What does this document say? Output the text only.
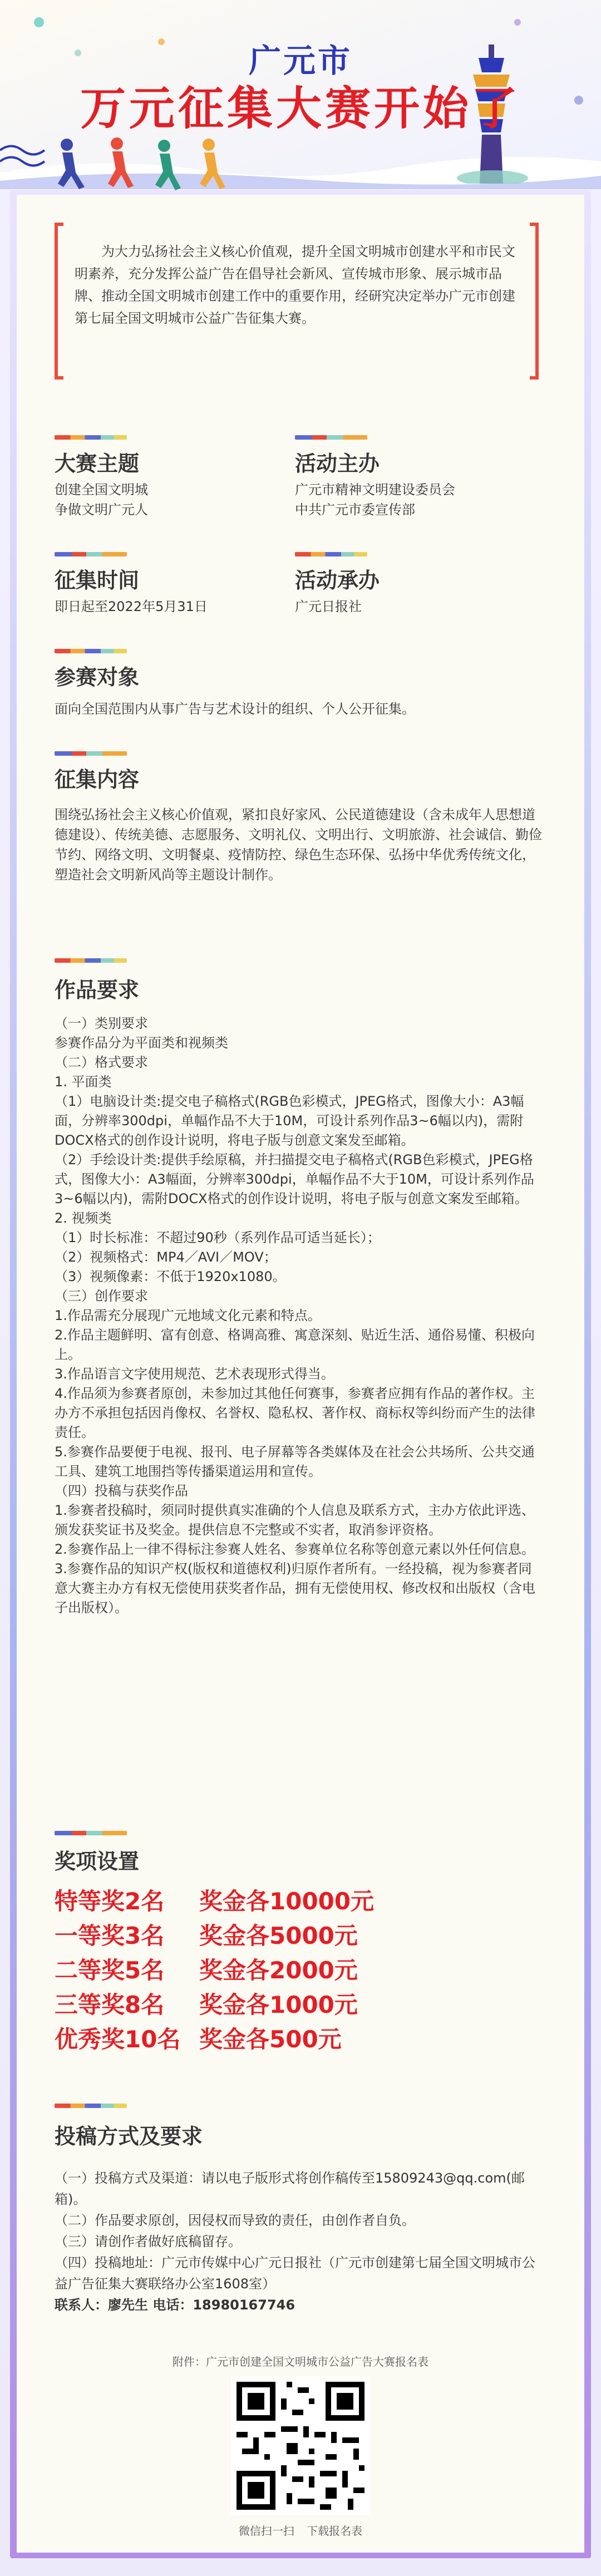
广元市
万元征集大赛开始了

为大力弘扬社会主义核心价值观，提升全国文明城市创建水平和市民文明素养，充分发挥公益广告在倡导社会新风、宣传城市形象、展示城市品牌、推动全国文明城市创建工作中的重要作用，经研究决定举办广元市创建第七届全国文明城市公益广告征集大赛。

大赛主题
创建全国文明城
争做文明广元人
活动主办
广元市精神文明建设委员会
中共广元市委宣传部
征集时间
即日起至2022年5月31日
活动承办
广元日报社
参赛对象

面向全国范围内从事广告与艺术设计的组织、个人公开征集。

征集内容

围绕弘扬社会主义核心价值观，紧扣良好家风、公民道德建设（含未成年人思想道德建设）、传统美德、志愿服务、文明礼仪、文明出行、文明旅游、社会诚信、勤俭节约、网络文明、文明餐桌、疫情防控、绿色生态环保、弘扬中华优秀传统文化，塑造社会文明新风尚等主题设计制作。

作品要求
（一）类别要求
参赛作品分为平面类和视频类
（二）格式要求
1. 平面类
（1）电脑设计类:提交电子稿格式(RGB色彩模式，JPEG格式，图像大小：A3幅面，分辨率300dpi，单幅作品不大于10M，可设计系列作品3~6幅以内)，需附DOCX格式的创作设计说明，将电子版与创意文案发至邮箱。
（2）手绘设计类:提供手绘原稿，并扫描提交电子稿格式(RGB色彩模式，JPEG格式，图像大小：A3幅面，分辨率300dpi，单幅作品不大于10M，可设计系列作品3~6幅以内)，需附DOCX格式的创作设计说明，将电子版与创意文案发至邮箱。
2. 视频类
（1）时长标准：不超过90秒（系列作品可适当延长）；
（2）视频格式：MP4／AVI／MOV；
（3）视频像素：不低于1920x1080。
（三）创作要求
1.作品需充分展现广元地域文化元素和特点。
2.作品主题鲜明、富有创意、格调高雅、寓意深刻、贴近生活、通俗易懂、积极向上。
3.作品语言文字使用规范、艺术表现形式得当。
4.作品须为参赛者原创，未参加过其他任何赛事，参赛者应拥有作品的著作权。主办方不承担包括因肖像权、名誉权、隐私权、著作权、商标权等纠纷而产生的法律责任。
5.参赛作品要便于电视、报刊、电子屏幕等各类媒体及在社会公共场所、公共交通工具、建筑工地围挡等传播渠道运用和宣传。
（四）投稿与获奖作品
1.参赛者投稿时，须同时提供真实准确的个人信息及联系方式，主办方依此评选、颁发获奖证书及奖金。提供信息不完整或不实者，取消参评资格。
2.参赛作品上一律不得标注参赛人姓名、参赛单位名称等创意元素以外任何信息。
3.参赛作品的知识产权(版权和道德权利)归原作者所有。一经投稿，视为参赛者同意大赛主办方有权无偿使用获奖者作品，拥有无偿使用权、修改权和出版权（含电子出版权）。
奖项设置
特等奖2名 奖金各10000元
一等奖3名 奖金各5000元
二等奖5名 奖金各2000元
三等奖8名 奖金各1000元
优秀奖10名 奖金各500元
投稿方式及要求
（一）投稿方式及渠道：请以电子版形式将创作稿传至15809243@qq.com(邮箱)。
（二）作品要求原创，因侵权而导致的责任，由创作者自负。
（三）请创作者做好底稿留存。
（四）投稿地址：广元市传媒中心广元日报社（广元市创建第七届全国文明城市公益广告征集大赛联络办公室1608室）
联系人：廖先生 电话：18980167746
附件：广元市创建全国文明城市公益广告大赛报名表
微信扫一扫 下载报名表
